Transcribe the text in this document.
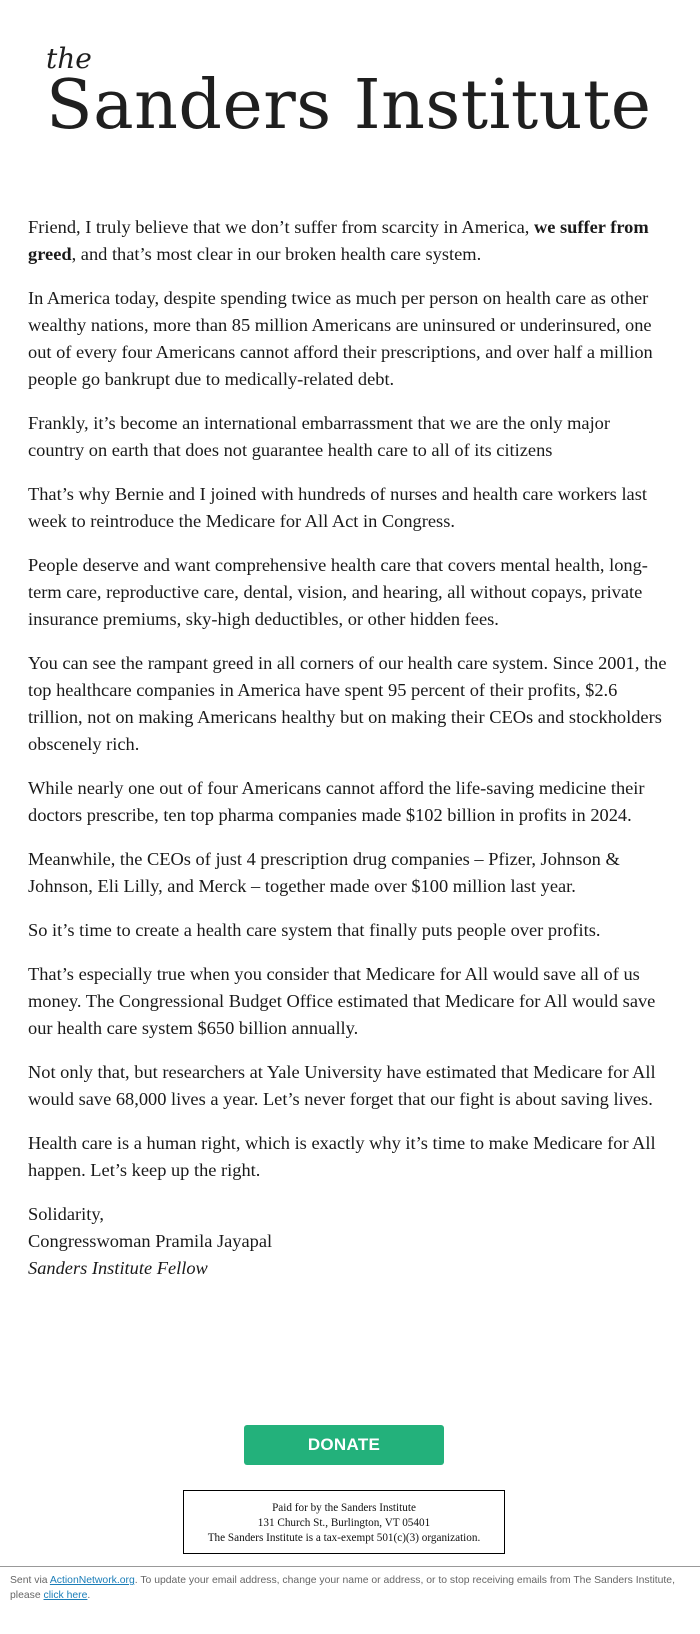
the
Sanders Institute

Friend, I truly believe that we don’t suffer from scarcity in America, we suffer from greed, and that’s most clear in our broken health care system.

In America today, despite spending twice as much per person on health care as other wealthy nations, more than 85 million Americans are uninsured or underinsured, one out of every four Americans cannot afford their prescriptions, and over half a million people go bankrupt due to medically-related debt.

Frankly, it’s become an international embarrassment that we are the only major country on earth that does not guarantee health care to all of its citizens

That’s why Bernie and I joined with hundreds of nurses and health care workers last week to reintroduce the Medicare for All Act in Congress.

People deserve and want comprehensive health care that covers mental health, long-term care, reproductive care, dental, vision, and hearing, all without copays, private insurance premiums, sky-high deductibles, or other hidden fees.

You can see the rampant greed in all corners of our health care system. Since 2001, the top healthcare companies in America have spent 95 percent of their profits, $2.6 trillion, not on making Americans healthy but on making their CEOs and stockholders obscenely rich.

While nearly one out of four Americans cannot afford the life-saving medicine their doctors prescribe, ten top pharma companies made $102 billion in profits in 2024.

Meanwhile, the CEOs of just 4 prescription drug companies – Pfizer, Johnson & Johnson, Eli Lilly, and Merck – together made over $100 million last year.

So it’s time to create a health care system that finally puts people over profits.

That’s especially true when you consider that Medicare for All would save all of us money. The Congressional Budget Office estimated that Medicare for All would save our health care system $650 billion annually.

Not only that, but researchers at Yale University have estimated that Medicare for All would save 68,000 lives a year. Let’s never forget that our fight is about saving lives.

Health care is a human right, which is exactly why it’s time to make Medicare for All happen. Let’s keep up the right.

Solidarity,
Congresswoman Pramila Jayapal
Sanders Institute Fellow

DONATE
Paid for by the Sanders Institute
131 Church St., Burlington, VT 05401
The Sanders Institute is a tax-exempt 501(c)(3) organization.
Sent via ActionNetwork.org. To update your email address, change your name or address, or to stop receiving emails from The Sanders Institute, please click here.
